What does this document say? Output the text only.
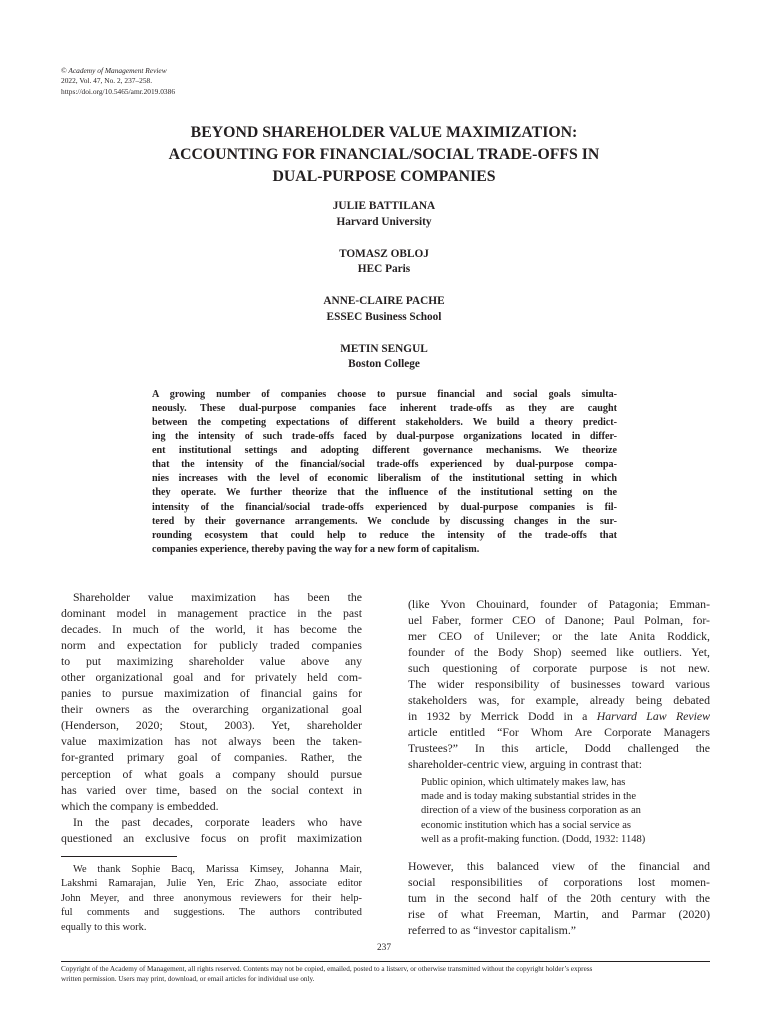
© Academy of Management Review
2022, Vol. 47, No. 2, 237–258.
https://doi.org/10.5465/amr.2019.0386
BEYOND SHAREHOLDER VALUE MAXIMIZATION:
ACCOUNTING FOR FINANCIAL/SOCIAL TRADE-OFFS IN
DUAL-PURPOSE COMPANIES
JULIE BATTILANA
Harvard University
TOMASZ OBLOJ
HEC Paris
ANNE-CLAIRE PACHE
ESSEC Business School
METIN SENGUL
Boston College
A growing number of companies choose to pursue financial and social goals simulta-
neously. These dual-purpose companies face inherent trade-offs as they are caught
between the competing expectations of different stakeholders. We build a theory predict-
ing the intensity of such trade-offs faced by dual-purpose organizations located in differ-
ent institutional settings and adopting different governance mechanisms. We theorize
that the intensity of the financial/social trade-offs experienced by dual-purpose compa-
nies increases with the level of economic liberalism of the institutional setting in which
they operate. We further theorize that the influence of the institutional setting on the
intensity of the financial/social trade-offs experienced by dual-purpose companies is fil-
tered by their governance arrangements. We conclude by discussing changes in the sur-
rounding ecosystem that could help to reduce the intensity of the trade-offs that
companies experience, thereby paving the way for a new form of capitalism.
Shareholder value maximization has been the
dominant model in management practice in the past
decades. In much of the world, it has become the
norm and expectation for publicly traded companies
to put maximizing shareholder value above any
other organizational goal and for privately held com-
panies to pursue maximization of financial gains for
their owners as the overarching organizational goal
(Henderson, 2020; Stout, 2003). Yet, shareholder
value maximization has not always been the taken-
for-granted primary goal of companies. Rather, the
perception of what goals a company should pursue
has varied over time, based on the social context in
which the company is embedded.
In the past decades, corporate leaders who have
questioned an exclusive focus on profit maximization
We thank Sophie Bacq, Marissa Kimsey, Johanna Mair,
Lakshmi Ramarajan, Julie Yen, Eric Zhao, associate editor
John Meyer, and three anonymous reviewers for their help-
ful comments and suggestions. The authors contributed
equally to this work.
(like Yvon Chouinard, founder of Patagonia; Emman-
uel Faber, former CEO of Danone; Paul Polman, for-
mer CEO of Unilever; or the late Anita Roddick,
founder of the Body Shop) seemed like outliers. Yet,
such questioning of corporate purpose is not new.
The wider responsibility of businesses toward various
stakeholders was, for example, already being debated
in 1932 by Merrick Dodd in a Harvard Law Review
article entitled “For Whom Are Corporate Managers
Trustees?” In this article, Dodd challenged the
shareholder-centric view, arguing in contrast that:
Public opinion, which ultimately makes law, has
made and is today making substantial strides in the
direction of a view of the business corporation as an
economic institution which has a social service as
well as a profit-making function. (Dodd, 1932: 1148)
However, this balanced view of the financial and
social responsibilities of corporations lost momen-
tum in the second half of the 20th century with the
rise of what Freeman, Martin, and Parmar (2020)
referred to as “investor capitalism.”
237
Copyright of the Academy of Management, all rights reserved. Contents may not be copied, emailed, posted to a listserv, or otherwise transmitted without the copyright holder’s express
written permission. Users may print, download, or email articles for individual use only.
